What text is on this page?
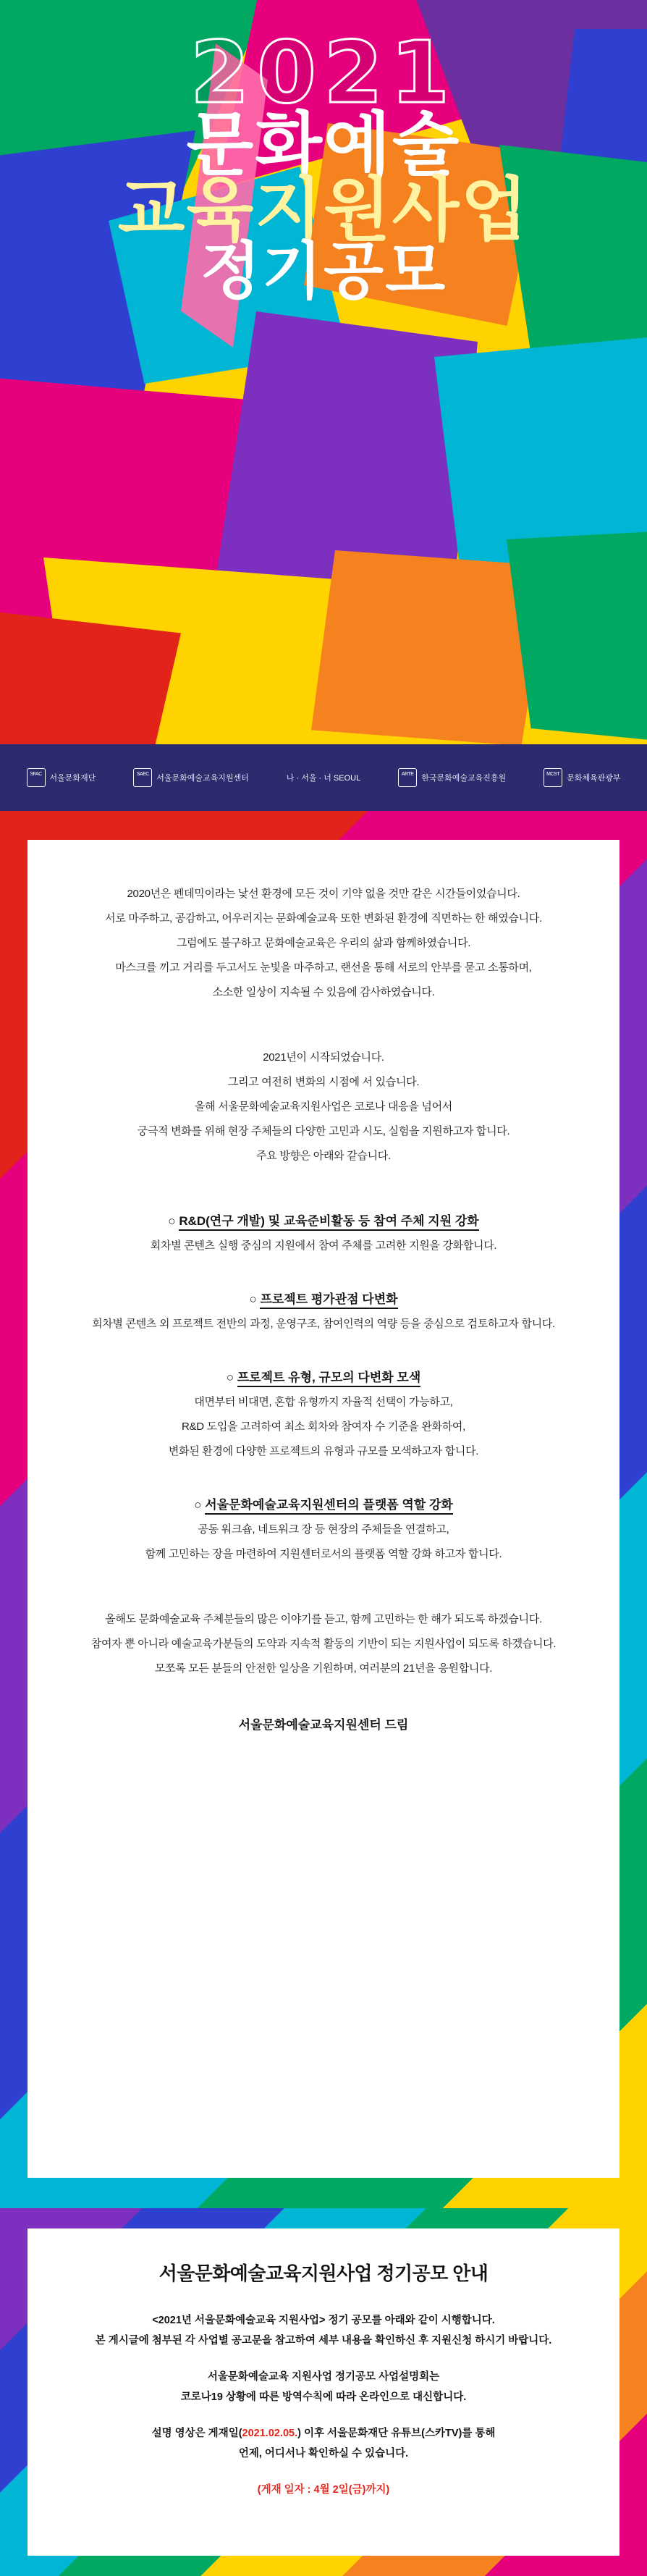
2021
문화예술
교육지원사업
정기공모
SFAC 서울문화재단	SAEC 서울문화예술교육지원센터	나 · 서울 · 너 SEOUL	ARTE 한국문화예술교육진흥원	MCST 문화체육관광부

2020년은 펜데믹이라는 낯선 환경에 모든 것이 기약 없을 것만 같은 시간들이었습니다.

서로 마주하고, 공감하고, 어우러지는 문화예술교육 또한 변화된 환경에 직면하는 한 해였습니다.

그럼에도 불구하고 문화예술교육은 우리의 삶과 함께하였습니다.

마스크를 끼고 거리를 두고서도 눈빛을 마주하고, 랜선을 통해 서로의 안부를 묻고 소통하며,

소소한 일상이 지속될 수 있음에 감사하였습니다.

2021년이 시작되었습니다.

그리고 여전히 변화의 시점에 서 있습니다.

올해 서울문화예술교육지원사업은 코로나 대응을 넘어서

궁극적 변화를 위해 현장 주체들의 다양한 고민과 시도, 실험을 지원하고자 합니다.

주요 방향은 아래와 같습니다.

○ R&D(연구 개발) 및 교육준비활동 등 참여 주체 지원 강화

회차별 콘텐츠 실행 중심의 지원에서 참여 주체를 고려한 지원을 강화합니다.

○ 프로젝트 평가관점 다변화

회차별 콘텐츠 외 프로젝트 전반의 과정, 운영구조, 참여인력의 역량 등을 중심으로 검토하고자 합니다.

○ 프로젝트 유형, 규모의 다변화 모색

대면부터 비대면, 혼합 유형까지 자율적 선택이 가능하고,

R&D 도입을 고려하여 최소 회차와 참여자 수 기준을 완화하여,

변화된 환경에 다양한 프로젝트의 유형과 규모를 모색하고자 합니다.

○ 서울문화예술교육지원센터의 플랫폼 역할 강화

공동 워크숍, 네트워크 장 등 현장의 주체들을 연결하고,

함께 고민하는 장을 마련하여 지원센터로서의 플랫폼 역할 강화 하고자 합니다.

올해도 문화예술교육 주체분들의 많은 이야기를 듣고, 함께 고민하는 한 해가 되도록 하겠습니다.

참여자 뿐 아니라 예술교육가분들의 도약과 지속적 활동의 기반이 되는 지원사업이 되도록 하겠습니다.

모쪼록 모든 분들의 안전한 일상을 기원하며, 여러분의 21년을 응원합니다.

서울문화예술교육지원센터 드림
서울문화예술교육지원사업 정기공모 안내
<2021년 서울문화예술교육 지원사업> 정기 공모를 아래와 같이 시행합니다.
본 게시글에 첨부된 각 사업별 공고문을 참고하여 세부 내용을 확인하신 후 지원신청 하시기 바랍니다.
서울문화예술교육 지원사업 정기공모 사업설명회는
코로나19 상황에 따른 방역수칙에 따라 온라인으로 대신합니다.
설명 영상은 게재일(2021.02.05.) 이후 서울문화재단 유튜브(스카TV)를 통해
언제, 어디서나 확인하실 수 있습니다.
(게재 일자 : 4월 2일(금)까지)
